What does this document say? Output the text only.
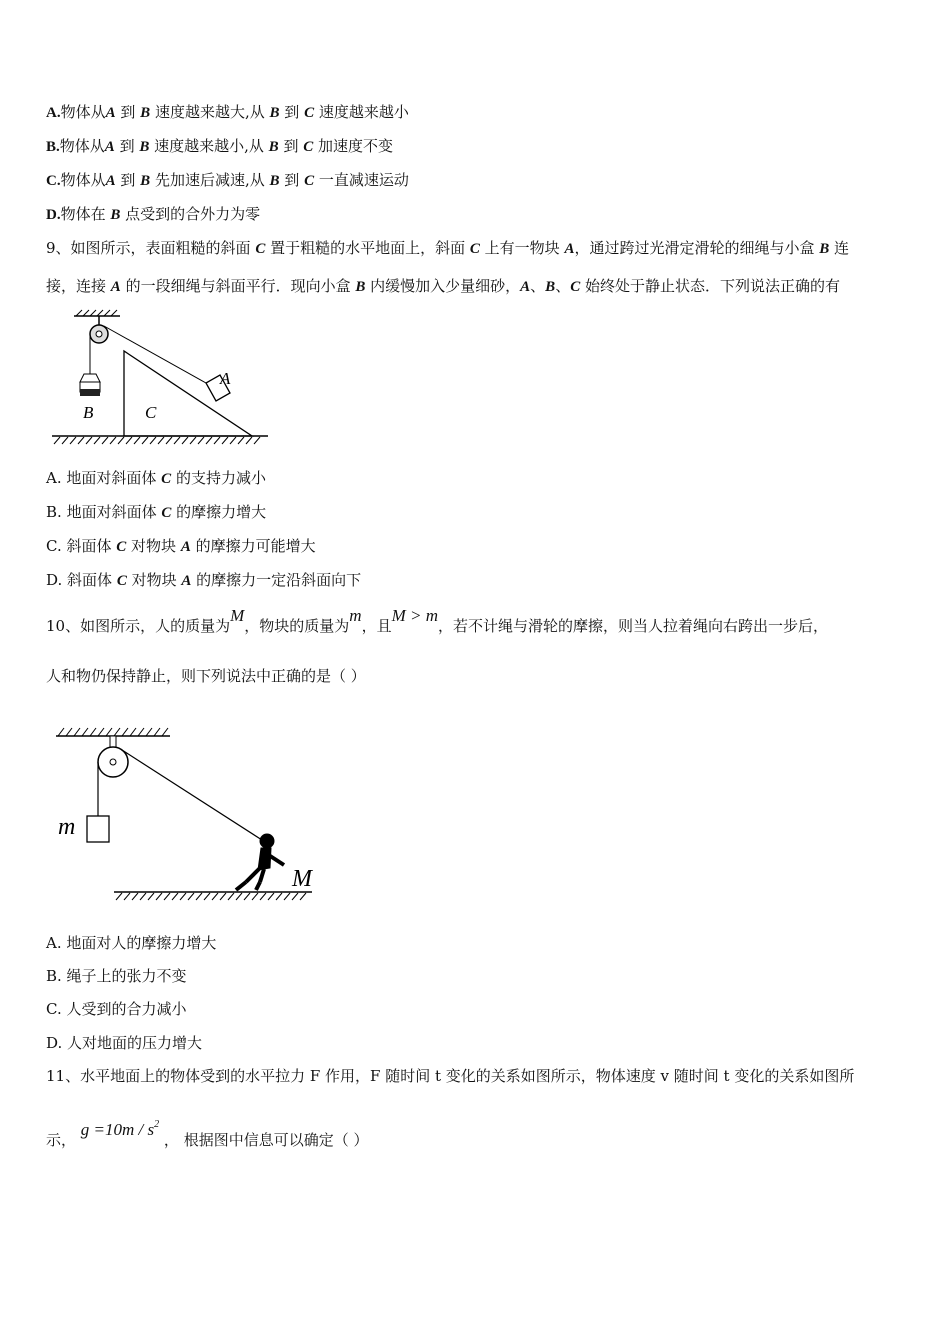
A.物体从A 到 B 速度越来越大,从 B 到 C 速度越来越小
B.物体从A 到 B 速度越来越小,从 B 到 C 加速度不变
C.物体从A 到 B 先加速后减速,从 B 到 C 一直减速运动
D.物体在 B 点受到的合外力为零
9、如图所示，表面粗糙的斜面 C 置于粗糙的水平地面上，斜面 C 上有一物块 A，通过跨过光滑定滑轮的细绳与小盒 B 连
接，连接 A 的一段细绳与斜面平行．现向小盒 B 内缓慢加入少量细砂，A、B、C 始终处于静止状态．下列说法正确的有
A
B	C
A. 地面对斜面体 C 的支持力减小
B. 地面对斜面体 C 的摩擦力增大
C. 斜面体 C 对物块 A 的摩擦力可能增大
D. 斜面体 C 对物块 A 的摩擦力一定沿斜面向下
10、如图所示，人的质量为M，物块的质量为m，且M > m，若不计绳与滑轮的摩擦，则当人拉着绳向右跨出一步后，
人和物仍保持静止，则下列说法中正确的是（ ）
m
M
A. 地面对人的摩擦力增大
B. 绳子上的张力不变
C. 人受到的合力减小
D. 人对地面的压力增大
11、水平地面上的物体受到的水平拉力 F 作用，F 随时间 t 变化的关系如图所示，物体速度 v 随时间 t 变化的关系如图所
示， $g =10m / s^2$ ， 根据图中信息可以确定（ ）
